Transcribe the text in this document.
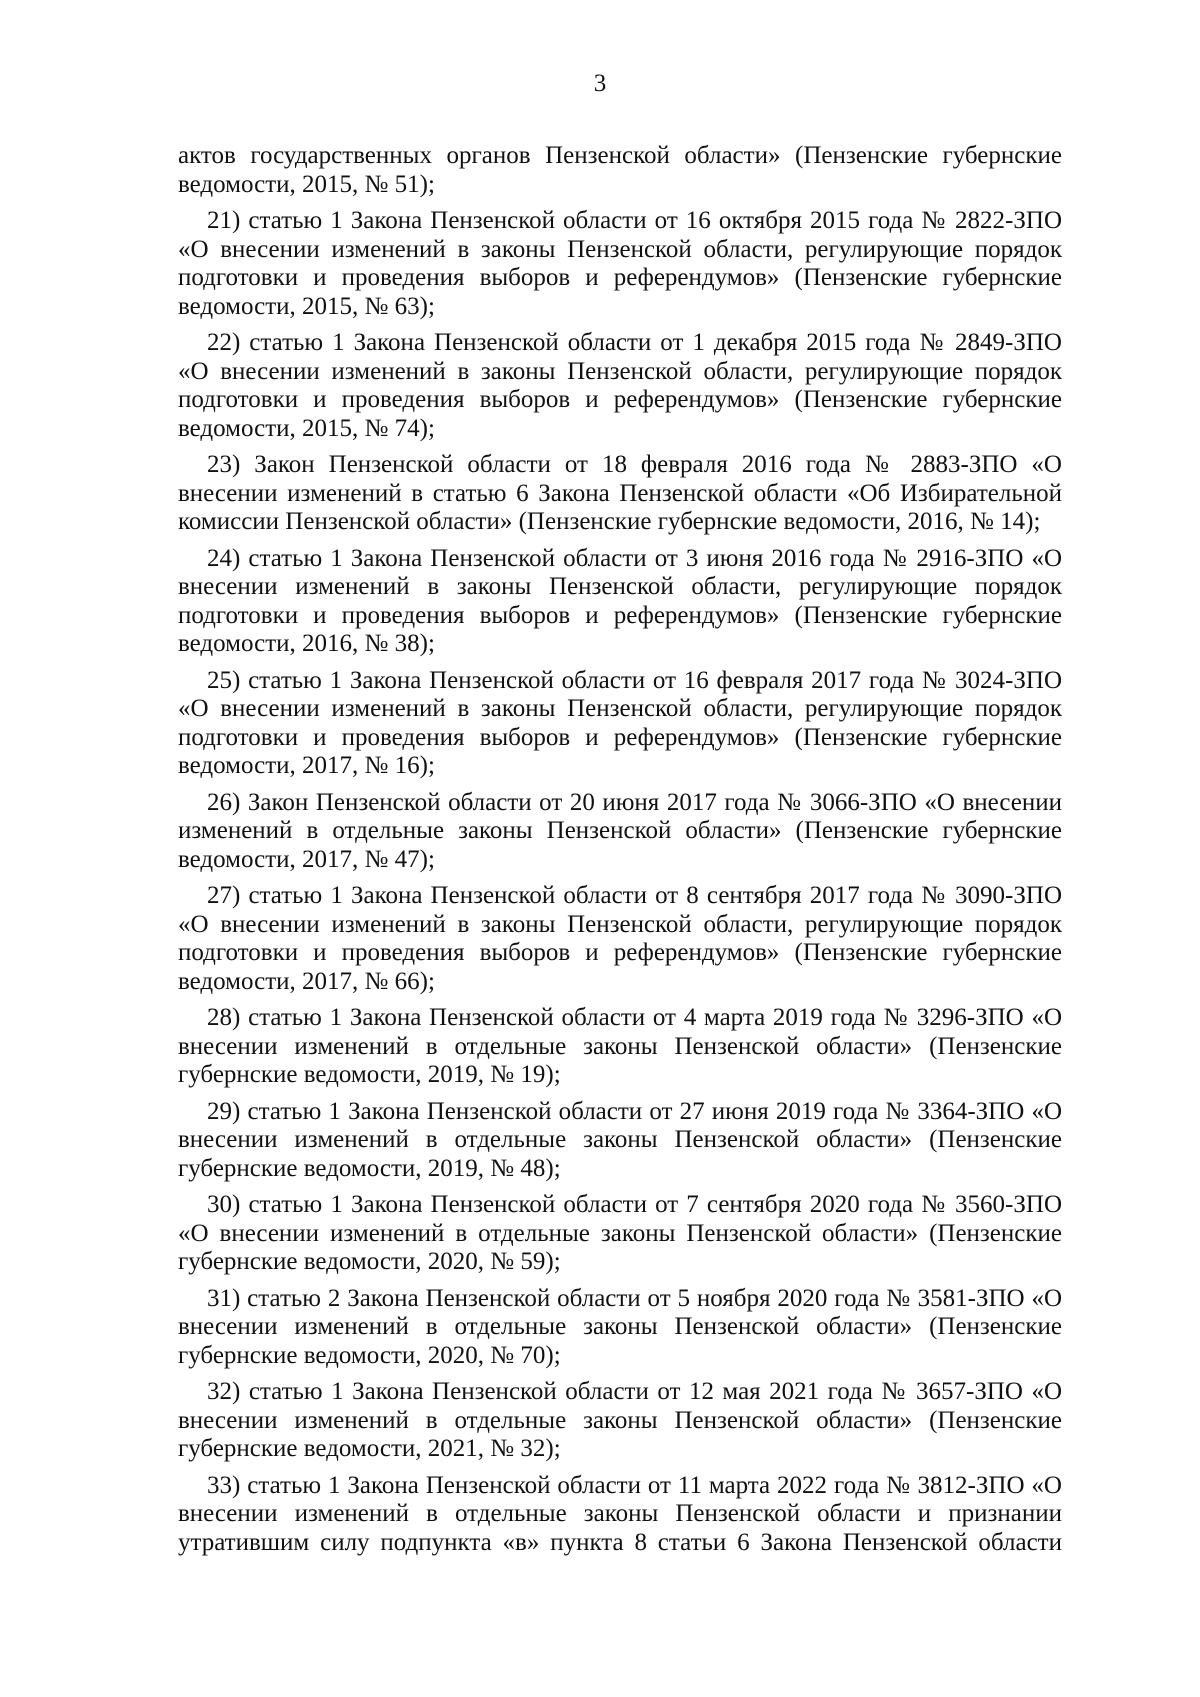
3

актов государственных органов Пензенской области» (Пензенские губернские ведомости, 2015, № 51);

21) статью 1 Закона Пензенской области от 16 октября 2015 года № 2822-ЗПО «О внесении изменений в законы Пензенской области, регулирующие порядок подготовки и проведения выборов и референдумов» (Пензенские губернские ведомости, 2015, № 63);

22) статью 1 Закона Пензенской области от 1 декабря 2015 года № 2849-ЗПО «О внесении изменений в законы Пензенской области, регулирующие порядок подготовки и проведения выборов и референдумов» (Пензенские губернские ведомости, 2015, № 74);

23) Закон Пензенской области от 18 февраля 2016 года № 2883-ЗПО «О внесении изменений в статью 6 Закона Пензенской области «Об Избирательной комиссии Пензенской области» (Пензенские губернские ведомости, 2016, № 14);

24) статью 1 Закона Пензенской области от 3 июня 2016 года № 2916-ЗПО «О внесении изменений в законы Пензенской области, регулирующие порядок подготовки и проведения выборов и референдумов» (Пензенские губернские ведомости, 2016, № 38);

25) статью 1 Закона Пензенской области от 16 февраля 2017 года № 3024-ЗПО «О внесении изменений в законы Пензенской области, регулирующие порядок подготовки и проведения выборов и референдумов» (Пензенские губернские ведомости, 2017, № 16);

26) Закон Пензенской области от 20 июня 2017 года № 3066-ЗПО «О внесении изменений в отдельные законы Пензенской области» (Пензенские губернские ведомости, 2017, № 47);

27) статью 1 Закона Пензенской области от 8 сентября 2017 года № 3090-ЗПО «О внесении изменений в законы Пензенской области, регулирующие порядок подготовки и проведения выборов и референдумов» (Пензенские губернские ведомости, 2017, № 66);

28) статью 1 Закона Пензенской области от 4 марта 2019 года № 3296-ЗПО «О внесении изменений в отдельные законы Пензенской области» (Пензенские губернские ведомости, 2019, № 19);

29) статью 1 Закона Пензенской области от 27 июня 2019 года № 3364-ЗПО «О внесении изменений в отдельные законы Пензенской области» (Пензенские губернские ведомости, 2019, № 48);

30) статью 1 Закона Пензенской области от 7 сентября 2020 года № 3560-ЗПО «О внесении изменений в отдельные законы Пензенской области» (Пензенские губернские ведомости, 2020, № 59);

31) статью 2 Закона Пензенской области от 5 ноября 2020 года № 3581-ЗПО «О внесении изменений в отдельные законы Пензенской области» (Пензенские губернские ведомости, 2020, № 70);

32) статью 1 Закона Пензенской области от 12 мая 2021 года № 3657-ЗПО «О внесении изменений в отдельные законы Пензенской области» (Пензенские губернские ведомости, 2021, № 32);

33) статью 1 Закона Пензенской области от 11 марта 2022 года № 3812-ЗПО «О внесении изменений в отдельные законы Пензенской области и признании утратившим силу подпункта «в» пункта 8 статьи 6 Закона Пензенской области
